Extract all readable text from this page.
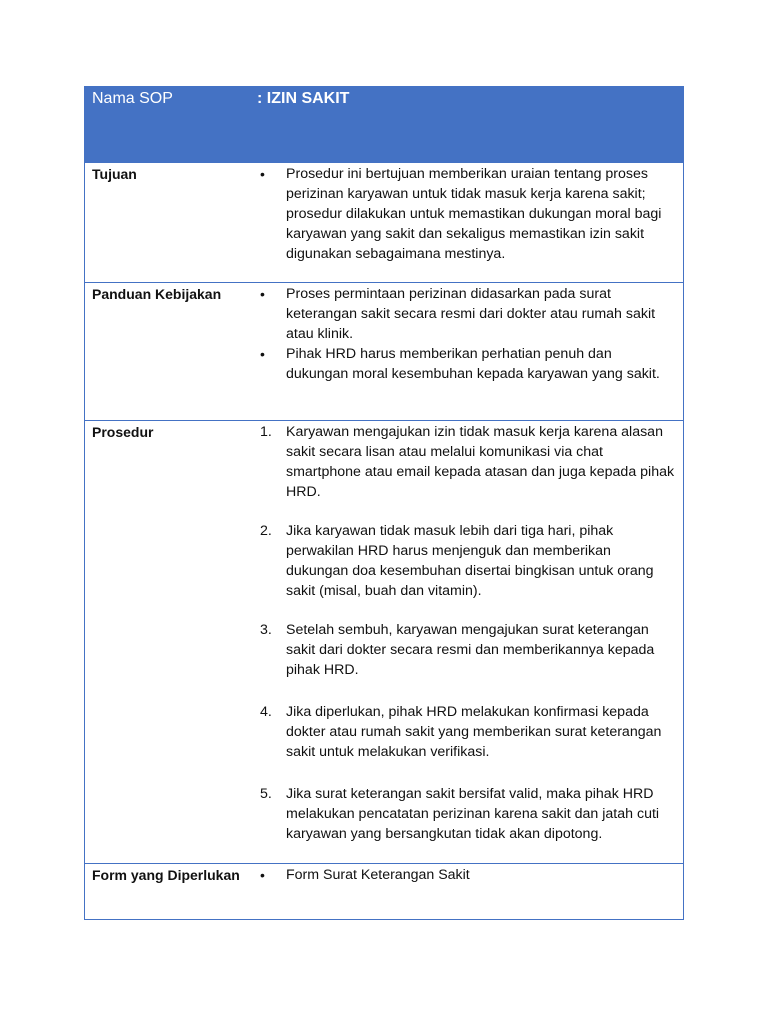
Nama SOP	: IZIN SAKIT
Tujuan	•	Prosedur ini bertujuan memberikan uraian tentang proses perizinan karyawan untuk tidak masuk kerja karena sakit; prosedur dilakukan untuk memastikan dukungan moral bagi karyawan yang sakit dan sekaligus memastikan izin sakit digunakan sebagaimana mestinya.
Panduan Kebijakan	•	Proses permintaan perizinan didasarkan pada surat keterangan sakit secara resmi dari dokter atau rumah sakit atau klinik.
•	Pihak HRD harus memberikan perhatian penuh dan dukungan moral kesembuhan kepada karyawan yang sakit.
Prosedur	1. Karyawan mengajukan izin tidak masuk kerja karena alasan sakit secara lisan atau melalui komunikasi via chat smartphone atau email kepada atasan dan juga kepada pihak HRD.
2. Jika karyawan tidak masuk lebih dari tiga hari, pihak perwakilan HRD harus menjenguk dan memberikan dukungan doa kesembuhan disertai bingkisan untuk orang sakit (misal, buah dan vitamin).
3. Setelah sembuh, karyawan mengajukan surat keterangan sakit dari dokter secara resmi dan memberikannya kepada pihak HRD.
4. Jika diperlukan, pihak HRD melakukan konfirmasi kepada dokter atau rumah sakit yang memberikan surat keterangan sakit untuk melakukan verifikasi.
5. Jika surat keterangan sakit bersifat valid, maka pihak HRD melakukan pencatatan perizinan karena sakit dan jatah cuti karyawan yang bersangkutan tidak akan dipotong.
Form yang Diperlukan	•	Form Surat Keterangan Sakit
